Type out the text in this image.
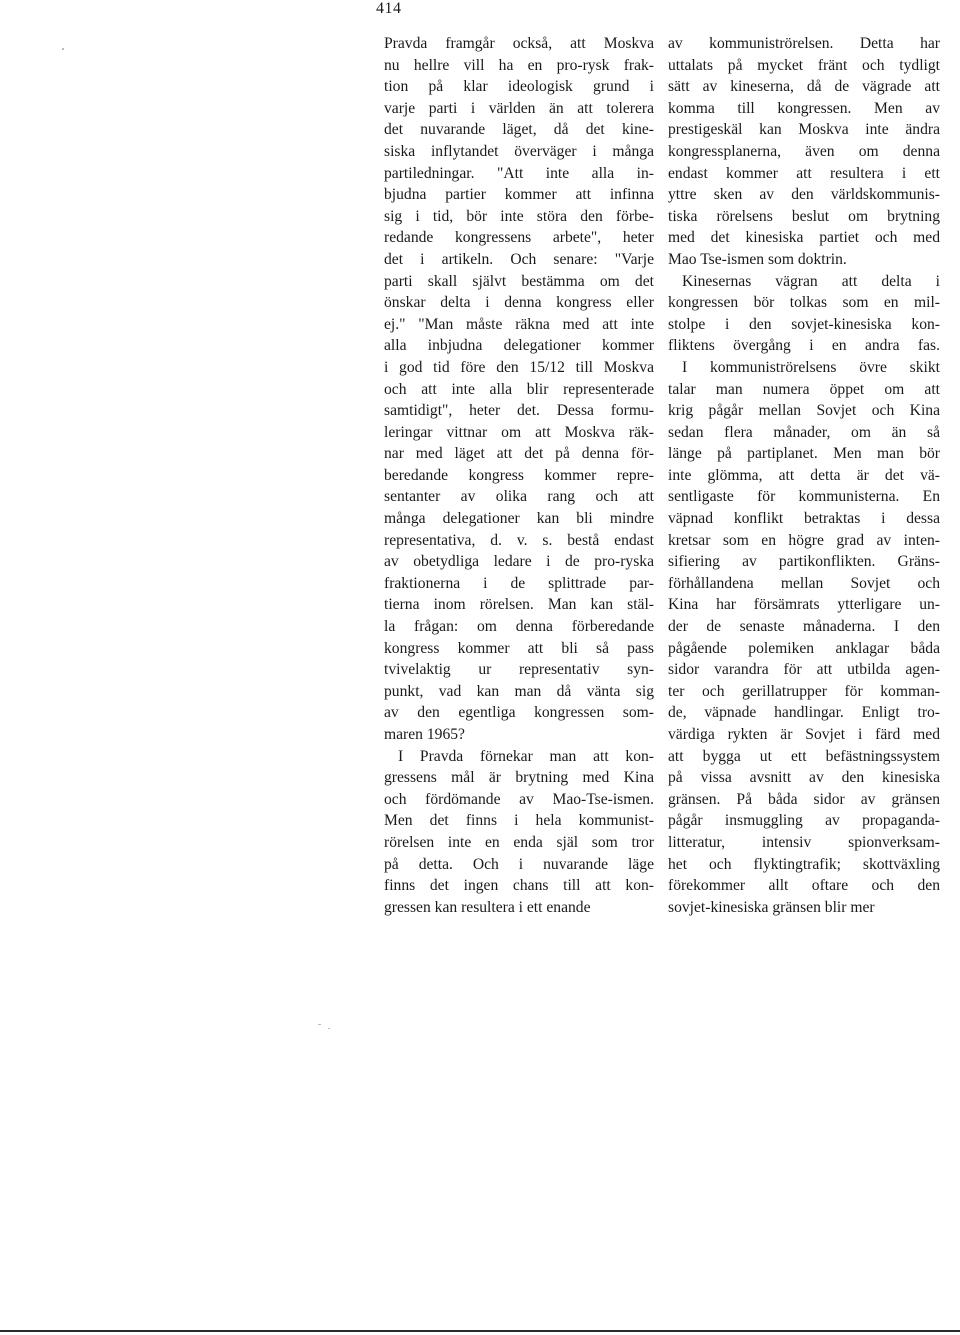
414
Pravda framgår också, att Moskva
nu hellre vill ha en pro-rysk frak-
tion på klar ideologisk grund i
varje parti i världen än att tolerera
det nuvarande läget, då det kine-
siska inflytandet överväger i många
partiledningar. "Att inte alla in-
bjudna partier kommer att infinna
sig i tid, bör inte störa den förbe-
redande kongressens arbete", heter
det i artikeln. Och senare: "Varje
parti skall självt bestämma om det
önskar delta i denna kongress eller
ej." "Man måste räkna med att inte
alla inbjudna delegationer kommer
i god tid före den 15/12 till Moskva
och att inte alla blir representerade
samtidigt", heter det. Dessa formu-
leringar vittnar om att Moskva räk-
nar med läget att det på denna för-
beredande kongress kommer repre-
sentanter av olika rang och att
många delegationer kan bli mindre
representativa, d. v. s. bestå endast
av obetydliga ledare i de pro-ryska
fraktionerna i de splittrade par-
tierna inom rörelsen. Man kan stäl-
la frågan: om denna förberedande
kongress kommer att bli så pass
tvivelaktig ur representativ syn-
punkt, vad kan man då vänta sig
av den egentliga kongressen som-
maren 1965?
I Pravda förnekar man att kon-
gressens mål är brytning med Kina
och fördömande av Mao-Tse-ismen.
Men det finns i hela kommunist-
rörelsen inte en enda själ som tror
på detta. Och i nuvarande läge
finns det ingen chans till att kon-
gressen kan resultera i ett enande
av kommuniströrelsen. Detta har
uttalats på mycket fränt och tydligt
sätt av kineserna, då de vägrade att
komma till kongressen. Men av
prestigeskäl kan Moskva inte ändra
kongressplanerna, även om denna
endast kommer att resultera i ett
yttre sken av den världskommunis-
tiska rörelsens beslut om brytning
med det kinesiska partiet och med
Mao Tse-ismen som doktrin.
Kinesernas vägran att delta i
kongressen bör tolkas som en mil-
stolpe i den sovjet-kinesiska kon-
fliktens övergång i en andra fas.
I kommuniströrelsens övre skikt
talar man numera öppet om att
krig pågår mellan Sovjet och Kina
sedan flera månader, om än så
länge på partiplanet. Men man bör
inte glömma, att detta är det vä-
sentligaste för kommunisterna. En
väpnad konflikt betraktas i dessa
kretsar som en högre grad av inten-
sifiering av partikonflikten. Gräns-
förhållandena mellan Sovjet och
Kina har försämrats ytterligare un-
der de senaste månaderna. I den
pågående polemiken anklagar båda
sidor varandra för att utbilda agen-
ter och gerillatrupper för komman-
de, väpnade handlingar. Enligt tro-
värdiga rykten är Sovjet i färd med
att bygga ut ett befästningssystem
på vissa avsnitt av den kinesiska
gränsen. På båda sidor av gränsen
pågår insmuggling av propaganda-
litteratur, intensiv spionverksam-
het och flyktingtrafik; skottväxling
förekommer allt oftare och den
sovjet-kinesiska gränsen blir mer
